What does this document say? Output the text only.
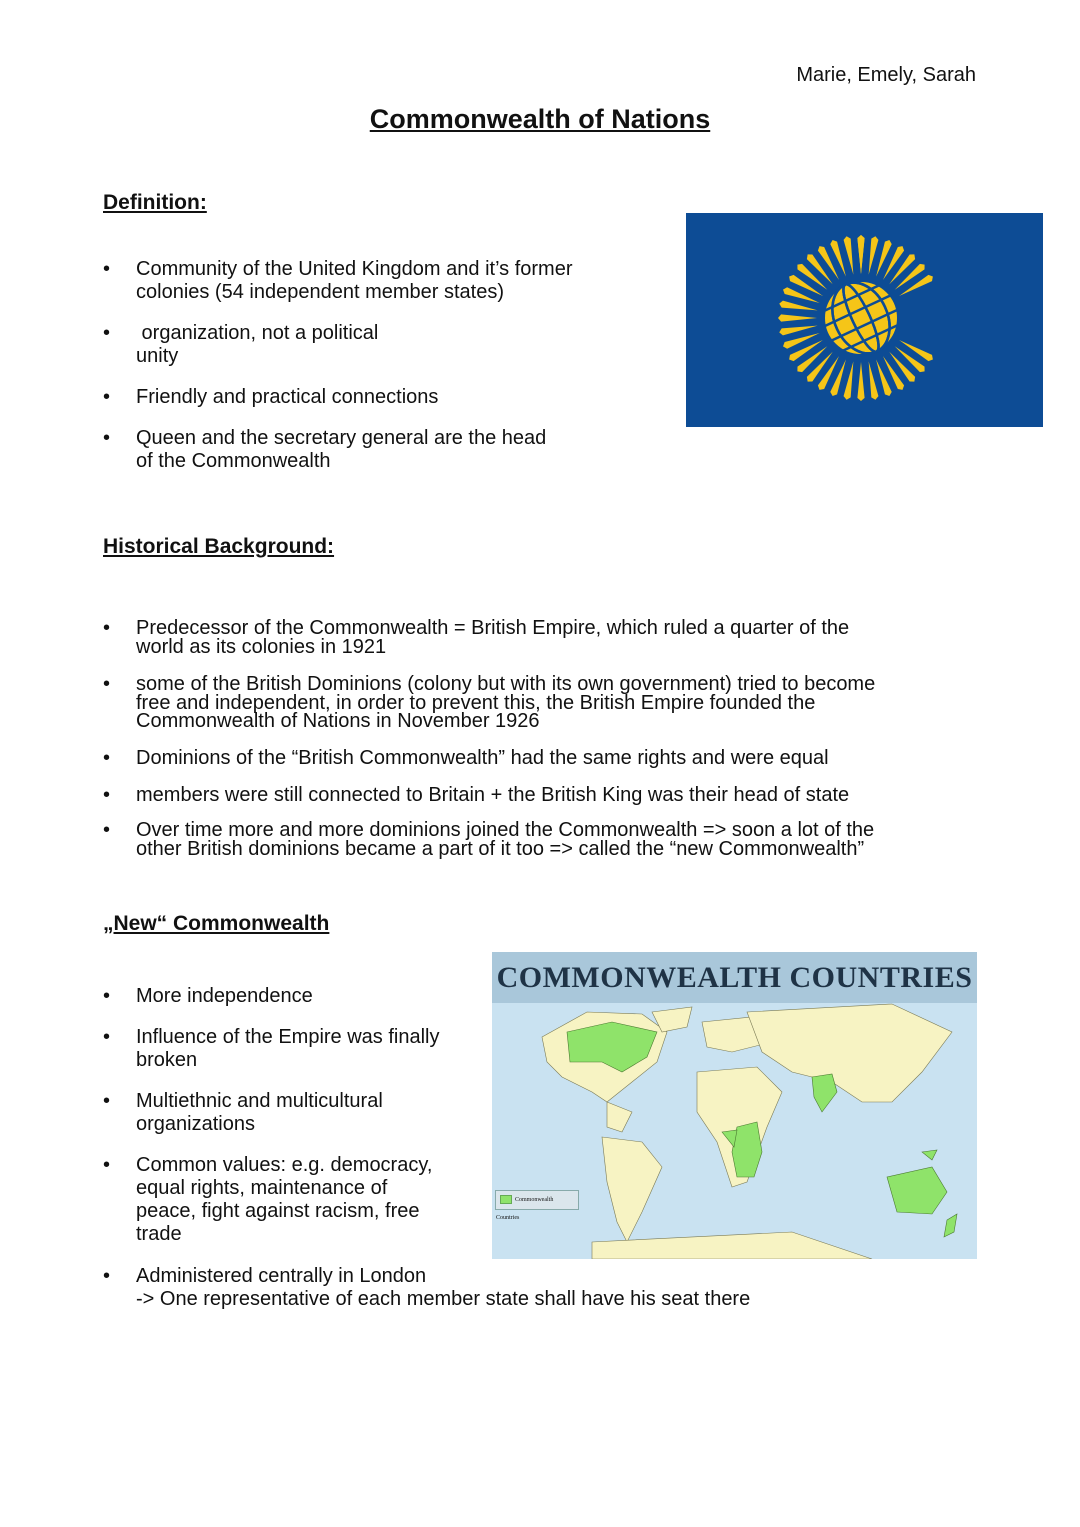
Marie, Emely, Sarah
Commonwealth of Nations
Definition:
•	Community of the United Kingdom and it’s former
colonies (54 independent member states)
•	organization, not a political
unity
•	Friendly and practical connections
•	Queen and the secretary general are the head
of the Commonwealth
Historical Background:
•	Predecessor of the Commonwealth = British Empire, which ruled a quarter of the
world as its colonies in 1921
•	some of the British Dominions (colony but with its own government) tried to become
free and independent, in order to prevent this, the British Empire founded the
Commonwealth of Nations in November 1926
•	Dominions of the “British Commonwealth” had the same rights and were equal
•	members were still connected to Britain + the British King was their head of state
•	Over time more and more dominions joined the Commonwealth => soon a lot of the
other British dominions became a part of it too => called the “new Commonwealth”
„New“ Commonwealth
•	More independence
•	Influence of the Empire was finally
broken
•	Multiethnic and multicultural
organizations
•	Common values: e.g. democracy,
equal rights, maintenance of
peace, fight against racism, free
trade
•	Administered centrally in London
-> One representative of each member state shall have his seat there
COMMONWEALTH COUNTRIES
Commonwealth Countries
